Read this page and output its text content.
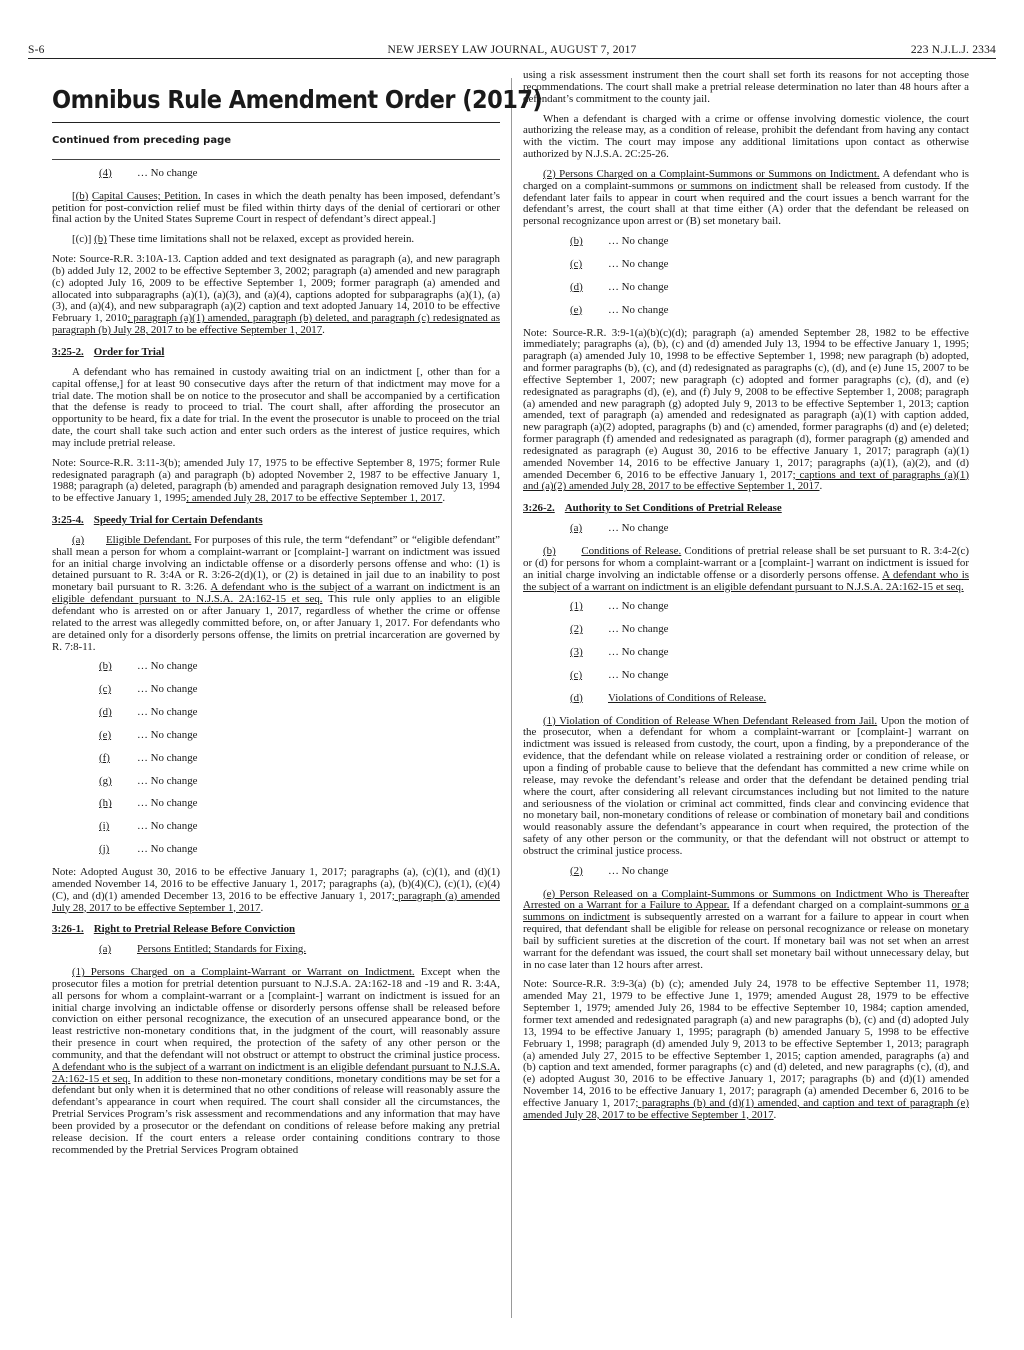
S-6	NEW JERSEY LAW JOURNAL, AUGUST 7, 2017	223 N.J.L.J. 2334
Omnibus Rule Amendment Order (2017)
Continued from preceding page
(4)	… No change

[(b) Capital Causes; Petition. In cases in which the death penalty has been imposed, defendant’s petition for post-conviction relief must be filed within thirty days of the denial of certiorari or other final action by the United States Supreme Court in respect of defendant’s direct appeal.]

[(c)] (b) These time limitations shall not be relaxed, except as provided herein.

Note: Source-R.R. 3:10A-13. Caption added and text designated as paragraph (a), and new paragraph (b) added July 12, 2002 to be effective September 3, 2002; paragraph (a) amended and new paragraph (c) adopted July 16, 2009 to be effective September 1, 2009; former paragraph (a) amended and allocated into subparagraphs (a)(1), (a)(3), and (a)(4), captions adopted for subparagraphs (a)(1), (a)(3), and (a)(4), and new subparagraph (a)(2) caption and text adopted January 14, 2010 to be effective February 1, 2010; paragraph (a)(1) amended, paragraph (b) deleted, and paragraph (c) redesignated as paragraph (b) July 28, 2017 to be effective September 1, 2017.

3:25-2. Order for Trial

A defendant who has remained in custody awaiting trial on an indictment [, other than for a capital offense,] for at least 90 consecutive days after the return of that indictment may move for a trial date. The motion shall be on notice to the prosecutor and shall be accompanied by a certification that the defense is ready to proceed to trial. The court shall, after affording the prosecutor an opportunity to be heard, fix a date for trial. In the event the prosecutor is unable to proceed on the trial date, the court shall take such action and enter such orders as the interest of justice requires, which may include pretrial release.

Note: Source-R.R. 3:11-3(b); amended July 17, 1975 to be effective September 8, 1975; former Rule redesignated paragraph (a) and paragraph (b) adopted November 2, 1987 to be effective January 1, 1988; paragraph (a) deleted, paragraph (b) amended and paragraph designation removed July 13, 1994 to be effective January 1, 1995; amended July 28, 2017 to be effective September 1, 2017.

3:25-4. Speedy Trial for Certain Defendants

(a) Eligible Defendant. For purposes of this rule, the term “defendant” or “eligible defendant” shall mean a person for whom a complaint-warrant or [complaint-] warrant on indictment was issued for an initial charge involving an indictable offense or a disorderly persons offense and who: (1) is detained pursuant to R. 3:4A or R. 3:26-2(d)(1), or (2) is detained in jail due to an inability to post monetary bail pursuant to R. 3:26. A defendant who is the subject of a warrant on indictment is an eligible defendant pursuant to N.J.S.A. 2A:162-15 et seq. This rule only applies to an eligible defendant who is arrested on or after January 1, 2017, regardless of whether the crime or offense related to the arrest was allegedly committed before, on, or after January 1, 2017. For defendants who are detained only for a disorderly persons offense, the limits on pretrial incarceration are governed by R. 7:8-11.

(b)	… No change
(c)	… No change
(d)	… No change
(e)	… No change
(f)	… No change
(g)	… No change
(h)	… No change
(i)	… No change
(j)	… No change

Note: Adopted August 30, 2016 to be effective January 1, 2017; paragraphs (a), (c)(1), and (d)(1) amended November 14, 2016 to be effective January 1, 2017; paragraphs (a), (b)(4)(C), (c)(1), (c)(4)(C), and (d)(1) amended December 13, 2016 to be effective January 1, 2017; paragraph (a) amended July 28, 2017 to be effective September 1, 2017.

3:26-1. Right to Pretrial Release Before Conviction
(a)	Persons Entitled; Standards for Fixing.

(1) Persons Charged on a Complaint-Warrant or Warrant on Indictment. Except when the prosecutor files a motion for pretrial detention pursuant to N.J.S.A. 2A:162-18 and -19 and R. 3:4A, all persons for whom a complaint-warrant or a [complaint-] warrant on indictment is issued for an initial charge involving an indictable offense or disorderly persons offense shall be released before conviction on either personal recognizance, the execution of an unsecured appearance bond, or the least restrictive non-monetary conditions that, in the judgment of the court, will reasonably assure their presence in court when required, the protection of the safety of any other person or the community, and that the defendant will not obstruct or attempt to obstruct the criminal justice process. A defendant who is the subject of a warrant on indictment is an eligible defendant pursuant to N.J.S.A. 2A:162-15 et seq. In addition to these non-monetary conditions, monetary conditions may be set for a defendant but only when it is determined that no other conditions of release will reasonably assure the defendant’s appearance in court when required. The court shall consider all the circumstances, the Pretrial Services Program’s risk assessment and recommendations and any information that may have been provided by a prosecutor or the defendant on conditions of release before making any pretrial release decision. If the court enters a release order containing conditions contrary to those recommended by the Pretrial Services Program obtained

using a risk assessment instrument then the court shall set forth its reasons for not accepting those recommendations. The court shall make a pretrial release determination no later than 48 hours after a defendant’s commitment to the county jail.

When a defendant is charged with a crime or offense involving domestic violence, the court authorizing the release may, as a condition of release, prohibit the defendant from having any contact with the victim. The court may impose any additional limitations upon contact as otherwise authorized by N.J.S.A. 2C:25-26.

(2) Persons Charged on a Complaint-Summons or Summons on Indictment. A defendant who is charged on a complaint-summons or summons on indictment shall be released from custody. If the defendant later fails to appear in court when required and the court issues a bench warrant for the defendant’s arrest, the court shall at that time either (A) order that the defendant be released on personal recognizance upon arrest or (B) set monetary bail.

(b)	… No change
(c)	… No change
(d)	… No change
(e)	… No change

Note: Source-R.R. 3:9-1(a)(b)(c)(d); paragraph (a) amended September 28, 1982 to be effective immediately; paragraphs (a), (b), (c) and (d) amended July 13, 1994 to be effective January 1, 1995; paragraph (a) amended July 10, 1998 to be effective September 1, 1998; new paragraph (b) adopted, and former paragraphs (b), (c), and (d) redesignated as paragraphs (c), (d), and (e) June 15, 2007 to be effective September 1, 2007; new paragraph (c) adopted and former paragraphs (c), (d), and (e) redesignated as paragraphs (d), (e), and (f) July 9, 2008 to be effective September 1, 2008; paragraph (a) amended and new paragraph (g) adopted July 9, 2013 to be effective September 1, 2013; caption amended, text of paragraph (a) amended and redesignated as paragraph (a)(1) with caption added, new paragraph (a)(2) adopted, paragraphs (b) and (c) amended, former paragraphs (d) and (e) deleted; former paragraph (f) amended and redesignated as paragraph (d), former paragraph (g) amended and redesignated as paragraph (e) August 30, 2016 to be effective January 1, 2017; paragraph (a)(1) amended November 14, 2016 to be effective January 1, 2017; paragraphs (a)(1), (a)(2), and (d) amended December 6, 2016 to be effective January 1, 2017; captions and text of paragraphs (a)(1) and (a)(2) amended July 28, 2017 to be effective September 1, 2017.

3:26-2. Authority to Set Conditions of Pretrial Release
(a)	… No change

(b) Conditions of Release. Conditions of pretrial release shall be set pursuant to R. 3:4-2(c) or (d) for persons for whom a complaint-warrant or a [complaint-] warrant on indictment is issued for an initial charge involving an indictable offense or a disorderly persons offense. A defendant who is the subject of a warrant on indictment is an eligible defendant pursuant to N.J.S.A. 2A:162-15 et seq.

(1)	… No change
(2)	… No change
(3)	… No change
(c)	… No change
(d)	Violations of Conditions of Release.

(1) Violation of Condition of Release When Defendant Released from Jail. Upon the motion of the prosecutor, when a defendant for whom a complaint-warrant or [complaint-] warrant on indictment was issued is released from custody, the court, upon a finding, by a preponderance of the evidence, that the defendant while on release violated a restraining order or condition of release, or upon a finding of probable cause to believe that the defendant has committed a new crime while on release, may revoke the defendant’s release and order that the defendant be detained pending trial where the court, after considering all relevant circumstances including but not limited to the nature and seriousness of the violation or criminal act committed, finds clear and convincing evidence that no monetary bail, non-monetary conditions of release or combination of monetary bail and conditions would reasonably assure the defendant’s appearance in court when required, the protection of the safety of any other person or the community, or that the defendant will not obstruct or attempt to obstruct the criminal justice process.

(2)	… No change

(e) Person Released on a Complaint-Summons or Summons on Indictment Who is Thereafter Arrested on a Warrant for a Failure to Appear. If a defendant charged on a complaint-summons or a summons on indictment is subsequently arrested on a warrant for a failure to appear in court when required, that defendant shall be eligible for release on personal recognizance or release on monetary bail by sufficient sureties at the discretion of the court. If monetary bail was not set when an arrest warrant for the defendant was issued, the court shall set monetary bail without unnecessary delay, but in no case later than 12 hours after arrest.

Note: Source-R.R. 3:9-3(a) (b) (c); amended July 24, 1978 to be effective September 11, 1978; amended May 21, 1979 to be effective June 1, 1979; amended August 28, 1979 to be effective September 1, 1979; amended July 26, 1984 to be effective September 10, 1984; caption amended, former text amended and redesignated paragraph (a) and new paragraphs (b), (c) and (d) adopted July 13, 1994 to be effective January 1, 1995; paragraph (b) amended January 5, 1998 to be effective February 1, 1998; paragraph (d) amended July 9, 2013 to be effective September 1, 2013; paragraph (a) amended July 27, 2015 to be effective September 1, 2015; caption amended, paragraphs (a) and (b) caption and text amended, former paragraphs (c) and (d) deleted, and new paragraphs (c), (d), and (e) adopted August 30, 2016 to be effective January 1, 2017; paragraphs (b) and (d)(1) amended November 14, 2016 to be effective January 1, 2017; paragraph (a) amended December 6, 2016 to be effective January 1, 2017; paragraphs (b) and (d)(1) amended, and caption and text of paragraph (e) amended July 28, 2017 to be effective September 1, 2017.
